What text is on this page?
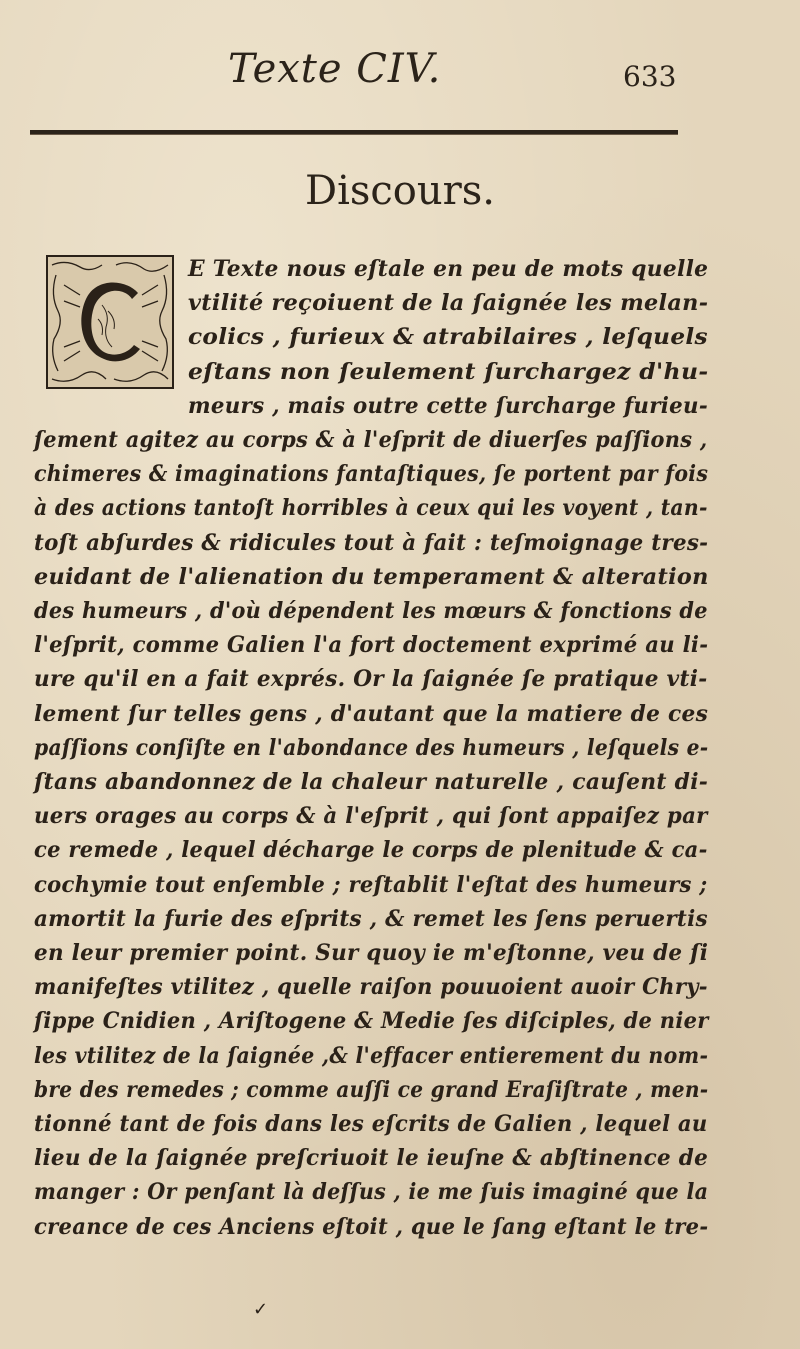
Texte CIV.	633
Discours.
E Texte nous eſtale en peu de mots quelle
vtilité reçoiuent de la ſaignée les melan-
colics , furieux & atrabilaires , leſquels
eſtans non ſeulement ſurchargez d'hu-
meurs , mais outre cette ſurcharge furieu-
ſement agitez au corps & à l'eſprit de diuerſes paſſions ,
chimeres & imaginations fantaſtiques, ſe portent par fois
à des actions tantoſt horribles à ceux qui les voyent , tan-
toſt abſurdes & ridicules tout à fait : teſmoignage tres-
euidant de l'alienation du temperament & alteration
des humeurs , d'où dépendent les mœurs & fonctions de
l'eſprit, comme Galien l'a fort doctement exprimé au li-
ure qu'il en a fait exprés. Or la ſaignée ſe pratique vti-
lement ſur telles gens , d'autant que la matiere de ces
paſſions conſiſte en l'abondance des humeurs , leſquels e-
ſtans abandonnez de la chaleur naturelle , cauſent di-
uers orages au corps & à l'eſprit , qui ſont appaiſez par
ce remede , lequel décharge le corps de plenitude & ca-
cochymie tout enſemble ; reſtablit l'eſtat des humeurs ;
amortit la furie des eſprits , & remet les ſens peruertis
en leur premier point. Sur quoy ie m'eſtonne, veu de ſi
manifeſtes vtilitez , quelle raiſon pouuoient auoir Chry-
ſippe Cnidien , Ariſtogene & Medie ſes diſciples, de nier
les vtilitez de la ſaignée ,& l'effacer entierement du nom-
bre des remedes ; comme auſſi ce grand Eraſiſtrate , men-
tionné tant de fois dans les eſcrits de Galien , lequel au
lieu de la ſaignée preſcriuoit le ieuſne & abſtinence de
manger : Or penſant là deſſus , ie me ſuis imaginé que la
creance de ces Anciens eſtoit , que le ſang eſtant le tre-
✓
